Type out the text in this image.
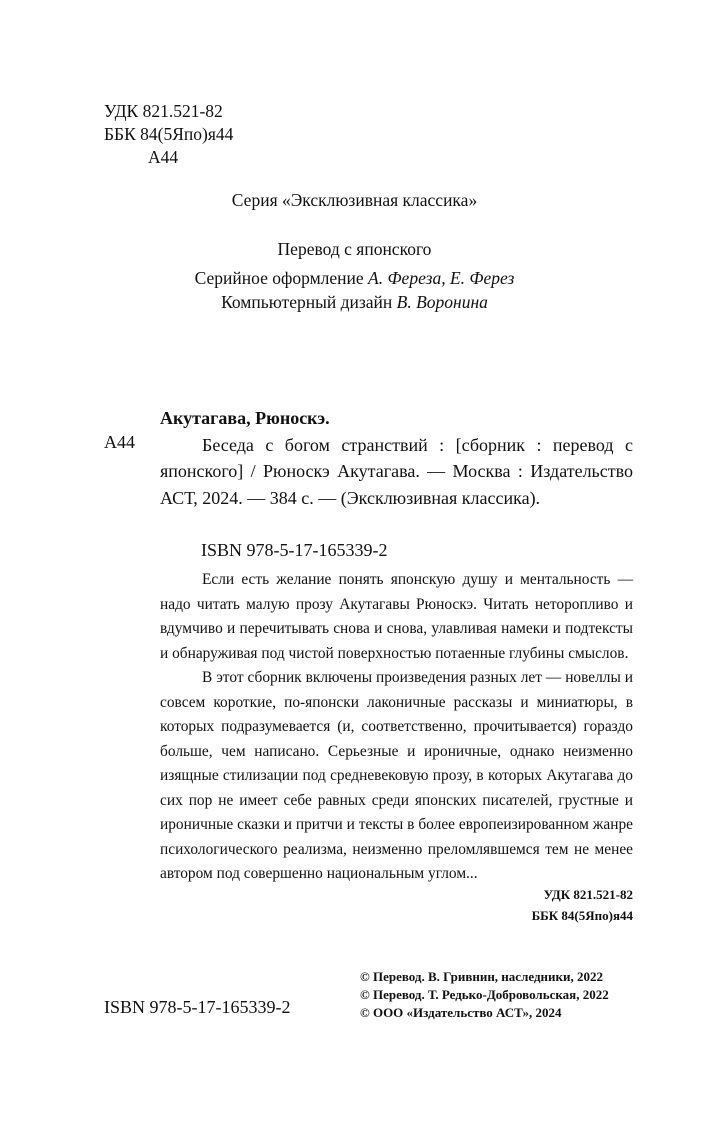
УДК 821.521-82
ББК 84(5Япо)я44
А44
Серия «Эксклюзивная классика»
Перевод с японского
Серийное оформление А. Фереза, Е. Ферез
Компьютерный дизайн В. Воронина
Акутагава, Рюноскэ.
А44	Беседа с богом странствий : [сборник : перевод с японского] / Рюноскэ Акутагава. — Москва : Издательство АСТ, 2024. — 384 с. — (Эксклюзивная классика).
ISBN 978-5-17-165339-2

Если есть желание понять японскую душу и ментальность — надо читать малую прозу Акутагавы Рюноскэ. Читать неторопливо и вдумчиво и перечитывать снова и снова, улавливая намеки и подтексты и обнаруживая под чистой поверхностью потаенные глубины смыслов.

В этот сборник включены произведения разных лет — новеллы и совсем короткие, по-японски лаконичные рассказы и миниатюры, в которых подразумевается (и, соответственно, прочитывается) гораздо больше, чем написано. Серьезные и ироничные, однако неизменно изящные стилизации под средневековую прозу, в которых Акутагава до сих пор не имеет себе равных среди японских писателей, грустные и ироничные сказки и притчи и тексты в более европеизированном жанре психологического реализма, неизменно преломлявшемся тем не менее автором под совершенно национальным углом...

УДК 821.521-82
ББК 84(5Япо)я44
ISBN 978-5-17-165339-2
© Перевод. В. Гривнин, наследники, 2022
© Перевод. Т. Редько-Добровольская, 2022
© ООО «Издательство АСТ», 2024
